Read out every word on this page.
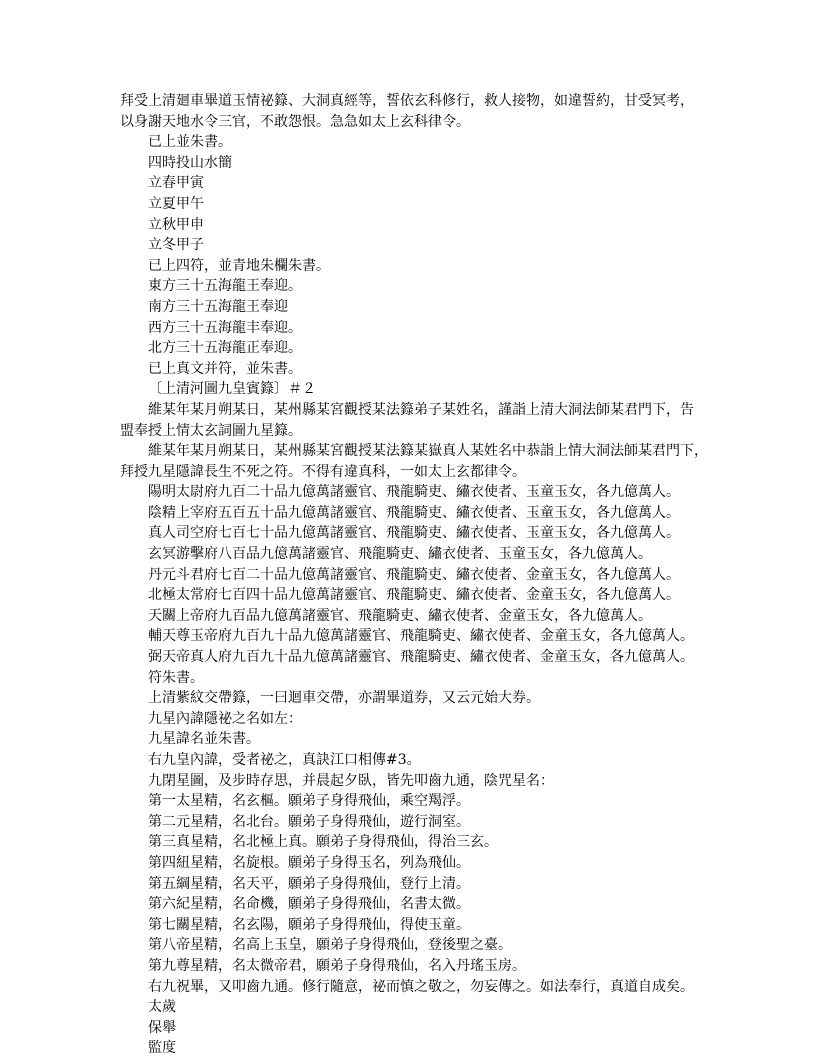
拜受上清廻車畢道玉情祕籙、大洞真經等，誓依玄科修行，救人接物，如違誓約，甘受冥考，
以身謝天地水令三官，不敢怨恨。急急如太上玄科律令。
已上並朱書。
四時投山水簡
立春甲寅
立夏甲午
立秋甲申
立冬甲子
已上四符，並青地朱欄朱書。
東方三十五海龍王奉迎。
南方三十五海龍王奉迎
西方三十五海龍丰奉迎。
北方三十五海龍正奉迎。
已上真文并符，並朱書。
〔上清河圖九皇賓籙〕＃２
維某年某月朔某日，某州縣某宮觀授某法籙弟子某姓名，謹詣上清大洞法師某君門下，告
盟奉授上情太玄詞圖九星籙。
維某年某月朔某日，某州縣某宮觀授某法籙某嶽真人某姓名中恭詣上情大洞法師某君門下，
拜授九星隱諱長生不死之符。不得有違真科，一如太上玄都律令。
陽明太尉府九百二十品九億萬諸靈官、飛龍騎吏、繡衣使者、玉童玉女，各九億萬人。
陰精上宰府五百五十品九億萬諸靈官、飛龍騎吏、繡衣使者、玉童玉女，各九億萬人。
真人司空府七百七十品九億萬諸靈官、飛龍騎吏、繡衣使者、玉童玉女，各九億萬人。
玄冥游擊府八百品九億萬諸靈官、飛龍騎吏、繡衣使者、玉童玉女，各九億萬人。
丹元斗君府七百二十品九億萬諸靈官、飛龍騎吏、繡衣使者、金童玉女，各九億萬人。
北極太常府七百四十品九億萬諸靈官、飛龍騎吏、繡衣使者、金童玉女，各九億萬人。
天關上帝府九百品九億萬諸靈官、飛龍騎吏、繡衣使者、金童玉女，各九億萬人。
輔天尊玉帝府九百九十品九億萬諸靈官、飛龍騎吏、繡衣使者、金童玉女，各九億萬人。
弼天帝真人府九百九十品九億萬諸靈官、飛龍騎吏、繡衣使者、金童玉女，各九億萬人。
符朱書。
上清紫紋交帶籙，一曰迴車交帶，亦謂畢道券，又云元始大券。
九星內諱隱祕之名如左：
九星諱名並朱書。
右九皇內諱，受者祕之，真訣江口相傳#3。
九閉星圖，及步時存思，并晨起夕臥，皆先叩齒九通，陰咒星名：
第一太星精，名玄樞。願弟子身得飛仙，乘空羯浮。
第二元星精，名北台。願弟子身得飛仙，遊行洞室。
第三真星精，名北極上真。願弟子身得飛仙，得治三玄。
第四紐星精，名旋根。願弟子身得玉名，列為飛仙。
第五綱星精，名天平，願弟子身得飛仙，登行上清。
第六紀星精，名命機，願弟子身得飛仙，名書太微。
第七關星精，名玄陽，願弟子身得飛仙，得使玉童。
第八帝星精，名高上玉皇，願弟子身得飛仙，登後聖之臺。
第九尊星精，名太微帝君，願弟子身得飛仙，名入丹瑤玉房。
右九祝畢，又叩齒九通。修行隨意，祕而慎之敬之，勿妄傳之。如法奉行，真道自成矣。
太歲
保舉
監度
